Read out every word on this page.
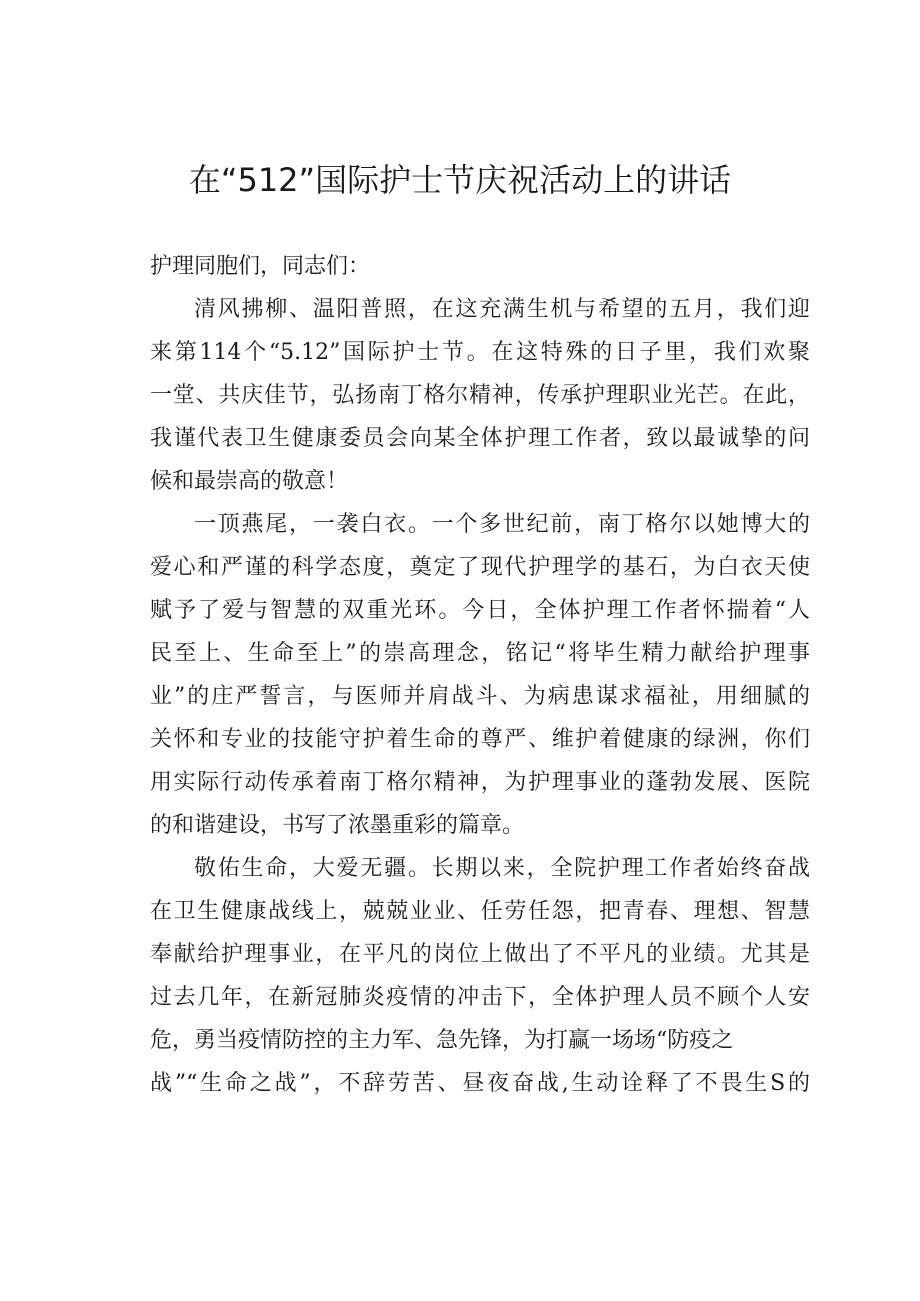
在“512”国际护士节庆祝活动上的讲话
护理同胞们，同志们：
清风拂柳、温阳普照，在这充满生机与希望的五月，我们迎
来第114个“5.12”国际护士节。在这特殊的日子里，我们欢聚
一堂、共庆佳节，弘扬南丁格尔精神，传承护理职业光芒。在此，
我谨代表卫生健康委员会向某全体护理工作者，致以最诚挚的问
候和最崇高的敬意！
一顶燕尾，一袭白衣。一个多世纪前，南丁格尔以她博大的
爱心和严谨的科学态度，奠定了现代护理学的基石，为白衣天使
赋予了爱与智慧的双重光环。今日，全体护理工作者怀揣着“人
民至上、生命至上”的崇高理念，铭记“将毕生精力献给护理事
业”的庄严誓言，与医师并肩战斗、为病患谋求福祉，用细腻的
关怀和专业的技能守护着生命的尊严、维护着健康的绿洲，你们
用实际行动传承着南丁格尔精神，为护理事业的蓬勃发展、医院
的和谐建设，书写了浓墨重彩的篇章。
敬佑生命，大爱无疆。长期以来，全院护理工作者始终奋战
在卫生健康战线上，兢兢业业、任劳任怨，把青春、理想、智慧
奉献给护理事业，在平凡的岗位上做出了不平凡的业绩。尤其是
过去几年，在新冠肺炎疫情的冲击下，全体护理人员不顾个人安
危，勇当疫情防控的主力军、急先锋，为打赢一场场“防疫之
战”“生命之战”，不辞劳苦、昼夜奋战,生动诠释了不畏生S的
